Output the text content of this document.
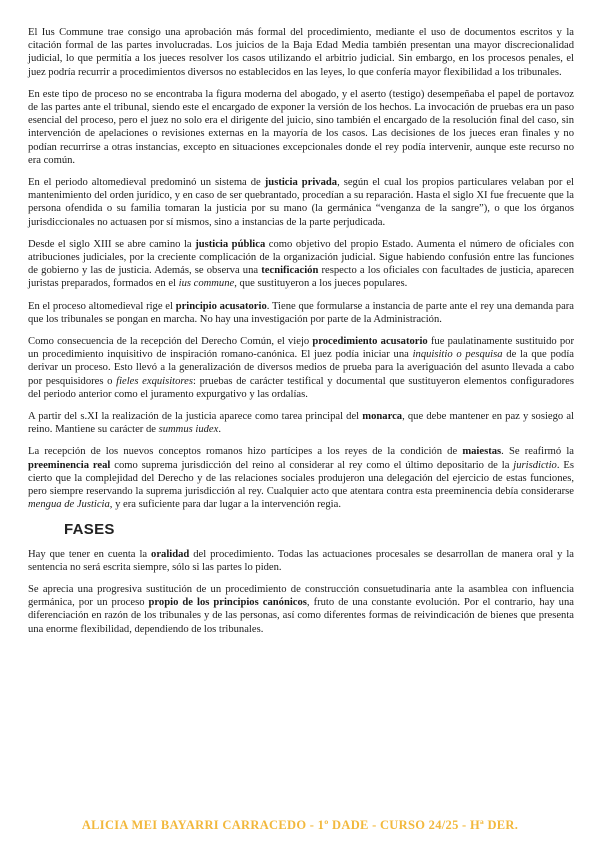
El Ius Commune trae consigo una aprobación más formal del procedimiento, mediante el uso de documentos escritos y la citación formal de las partes involucradas. Los juicios de la Baja Edad Media también presentan una mayor discrecionalidad judicial, lo que permitía a los jueces resolver los casos utilizando el arbitrio judicial. Sin embargo, en los procesos penales, el juez podría recurrir a procedimientos diversos no establecidos en las leyes, lo que confería mayor flexibilidad a los tribunales.

En este tipo de proceso no se encontraba la figura moderna del abogado, y el aserto (testigo) desempeñaba el papel de portavoz de las partes ante el tribunal, siendo este el encargado de exponer la versión de los hechos. La invocación de pruebas era un paso esencial del proceso, pero el juez no solo era el dirigente del juicio, sino también el encargado de la resolución final del caso, sin intervención de apelaciones o revisiones externas en la mayoría de los casos. Las decisiones de los jueces eran finales y no podían recurrirse a otras instancias, excepto en situaciones excepcionales donde el rey podía intervenir, aunque este recurso no era común.

En el periodo altomedieval predominó un sistema de justicia privada, según el cual los propios particulares velaban por el mantenimiento del orden jurídico, y en caso de ser quebrantado, procedían a su reparación. Hasta el siglo XI fue frecuente que la persona ofendida o su familia tomaran la justicia por su mano (la germánica “venganza de la sangre”), o que los órganos jurisdiccionales no actuasen por sí mismos, sino a instancias de la parte perjudicada.

Desde el siglo XIII se abre camino la justicia pública como objetivo del propio Estado. Aumenta el número de oficiales con atribuciones judiciales, por la creciente complicación de la organización judicial. Sigue habiendo confusión entre las funciones de gobierno y las de justicia. Además, se observa una tecnificación respecto a los oficiales con facultades de justicia, aparecen juristas preparados, formados en el ius commune, que sustituyeron a los jueces populares.

En el proceso altomedieval rige el principio acusatorio. Tiene que formularse a instancia de parte ante el rey una demanda para que los tribunales se pongan en marcha. No hay una investigación por parte de la Administración.

Como consecuencia de la recepción del Derecho Común, el viejo procedimiento acusatorio fue paulatinamente sustituido por un procedimiento inquisitivo de inspiración romano-canónica. El juez podía iniciar una inquisitio o pesquisa de la que podía derivar un proceso. Esto llevó a la generalización de diversos medios de prueba para la averiguación del asunto llevada a cabo por pesquisidores o fieles exquisitores: pruebas de carácter testifical y documental que sustituyeron elementos configuradores del periodo anterior como el juramento expurgativo y las ordalías.

A partir del s.XI la realización de la justicia aparece como tarea principal del monarca, que debe mantener en paz y sosiego al reino. Mantiene su carácter de summus iudex.

La recepción de los nuevos conceptos romanos hizo partícipes a los reyes de la condición de maiestas. Se reafirmó la preeminencia real como suprema jurisdicción del reino al considerar al rey como el último depositario de la jurisdictio. Es cierto que la complejidad del Derecho y de las relaciones sociales produjeron una delegación del ejercicio de estas funciones, pero siempre reservando la suprema jurisdicción al rey. Cualquier acto que atentara contra esta preeminencia debía considerarse mengua de Justicia, y era suficiente para dar lugar a la intervención regia.

FASES

Hay que tener en cuenta la oralidad del procedimiento. Todas las actuaciones procesales se desarrollan de manera oral y la sentencia no será escrita siempre, sólo si las partes lo piden.

Se aprecia una progresiva sustitución de un procedimiento de construcción consuetudinaria ante la asamblea con influencia germánica, por un proceso propio de los principios canónicos, fruto de una constante evolución. Por el contrario, hay una diferenciación en razón de los tribunales y de las personas, así como diferentes formas de reivindicación de bienes que presenta una enorme flexibilidad, dependiendo de los tribunales.

ALICIA MEI BAYARRI CARRACEDO - 1º DADE - CURSO 24/25 - Hª DER.
